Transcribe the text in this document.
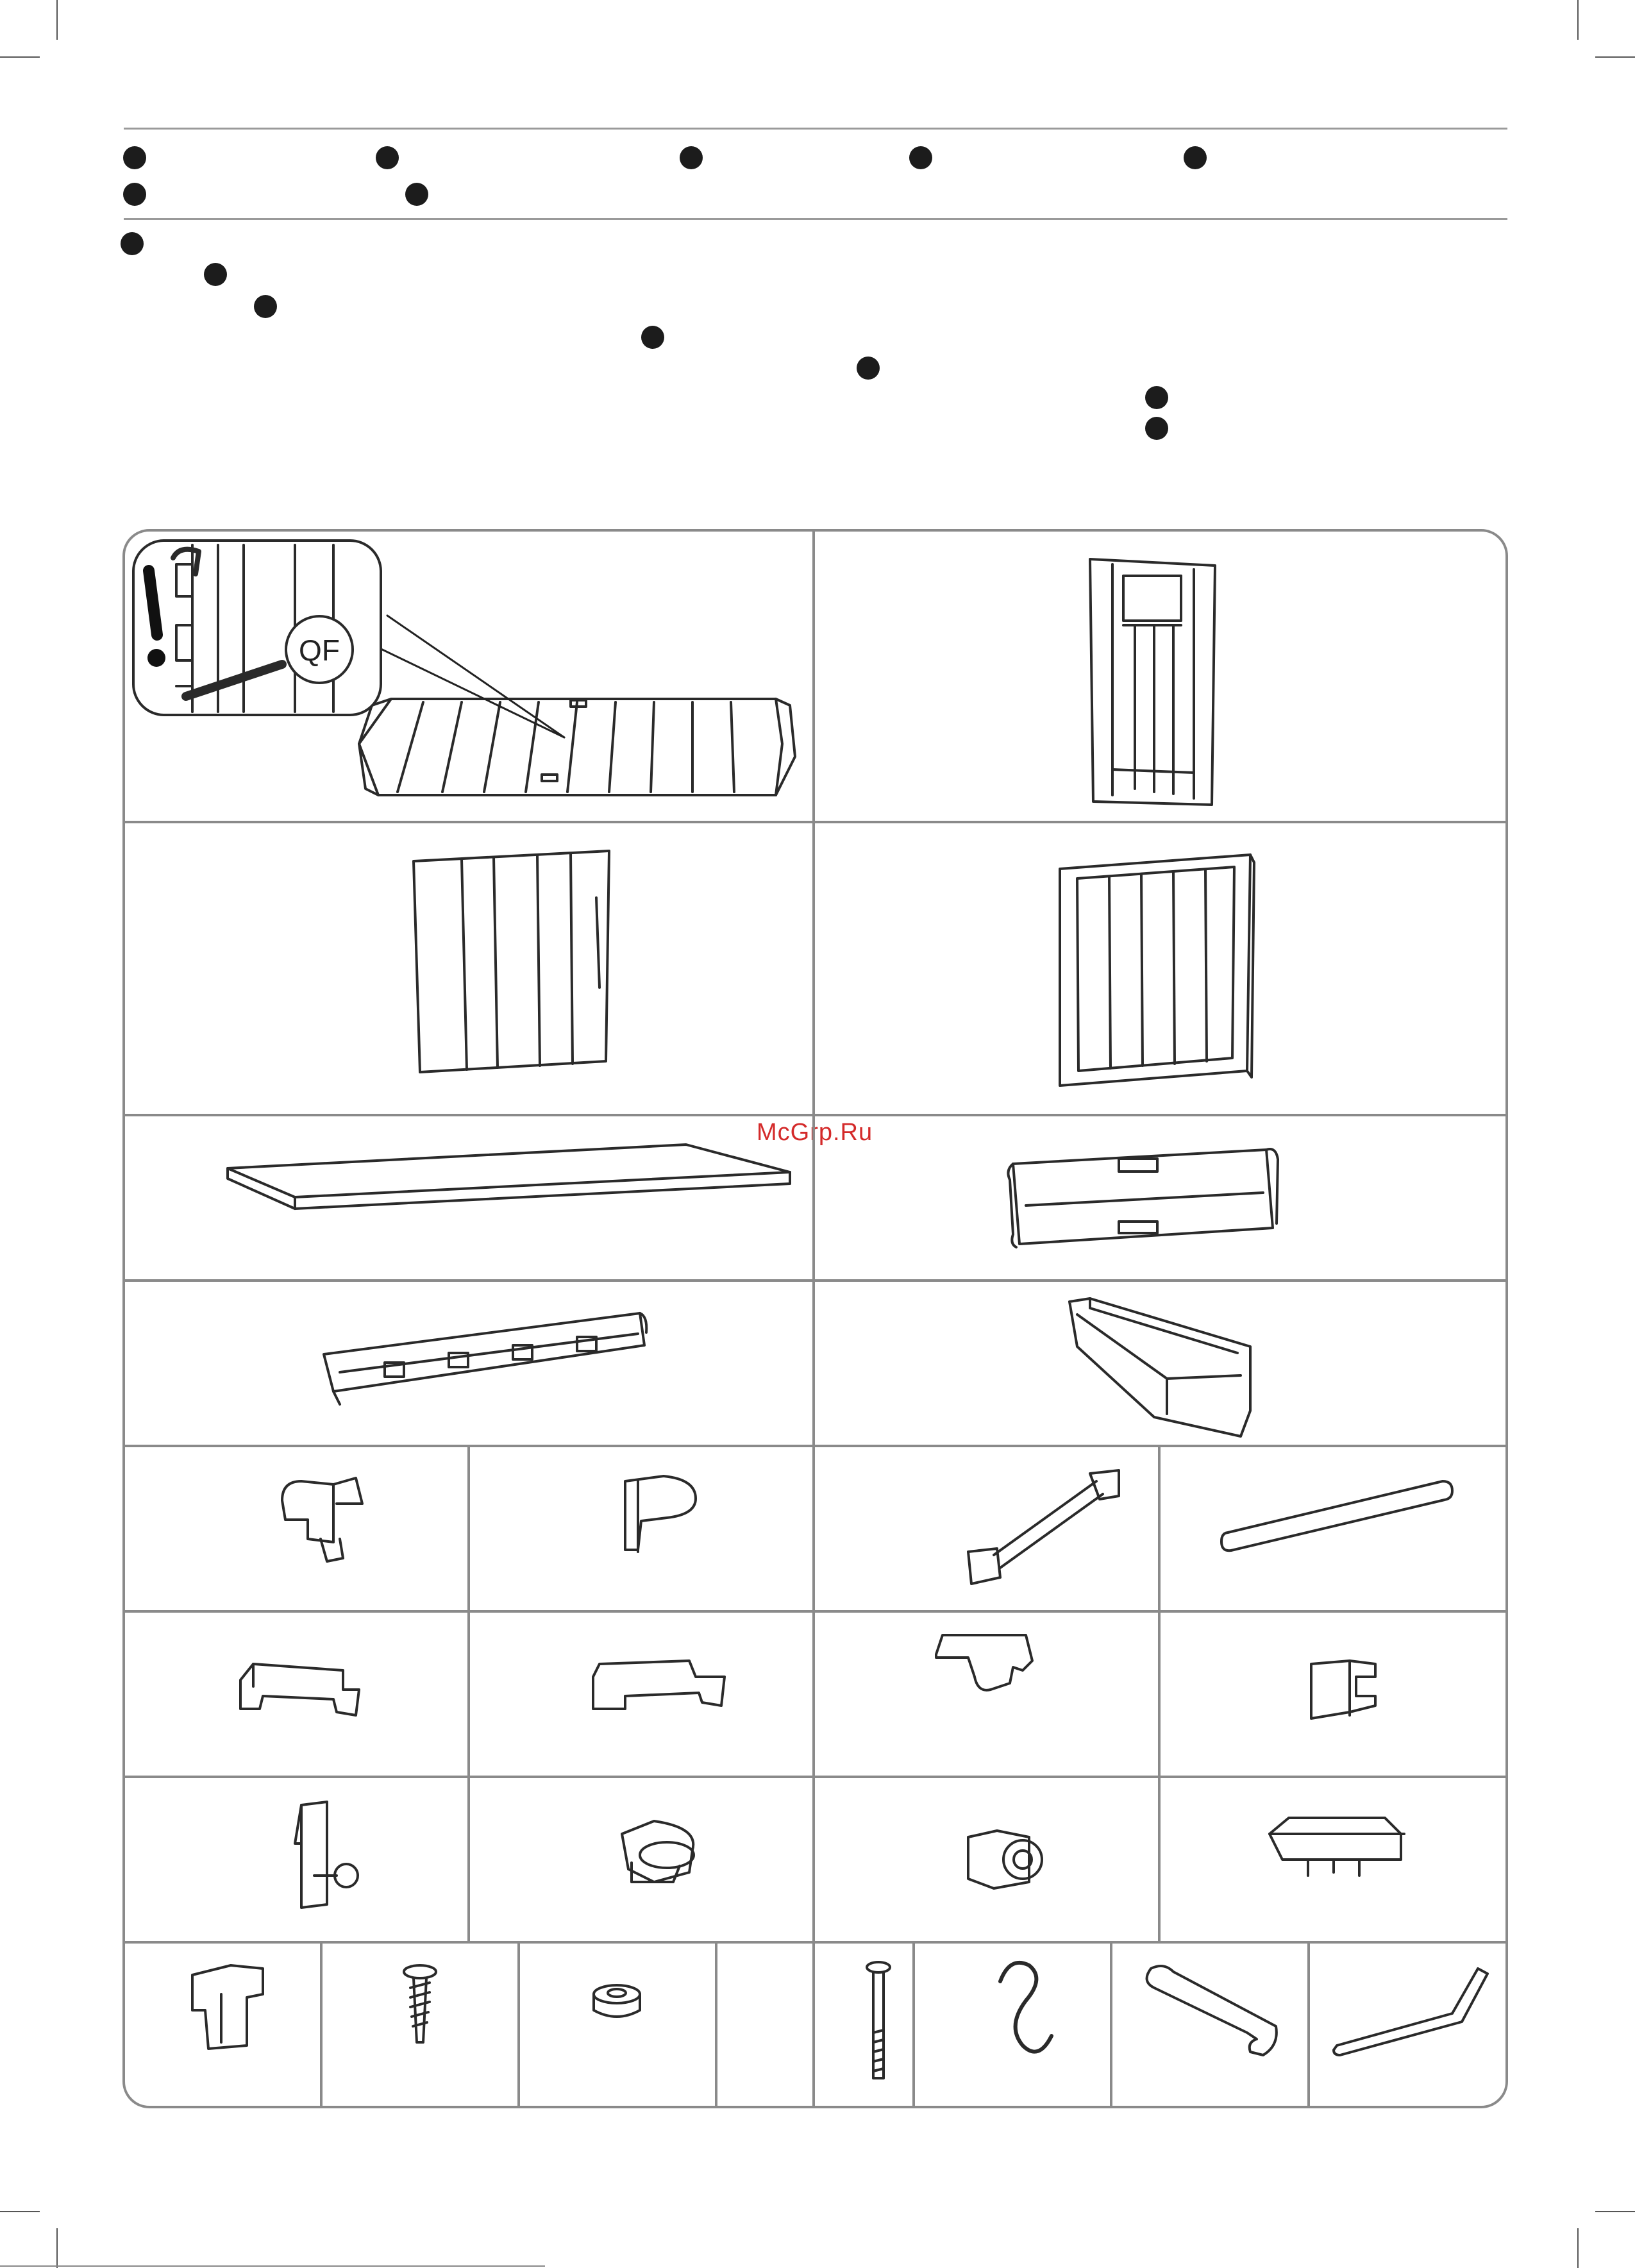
McGrp.Ru
QF
